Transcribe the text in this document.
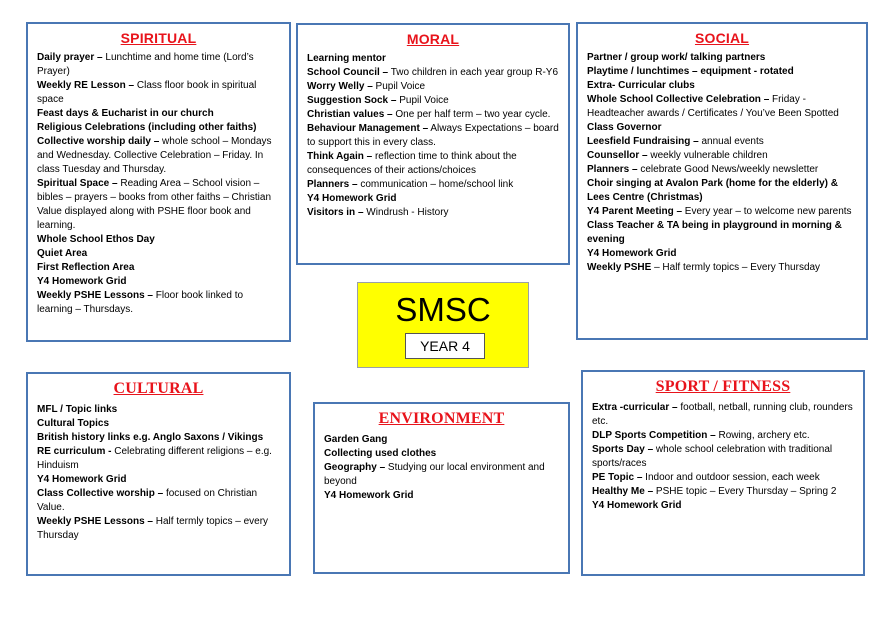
SPIRITUAL

Daily prayer – Lunchtime and home time (Lord’s Prayer)

Weekly RE Lesson – Class floor book in spiritual space

Feast days & Eucharist in our church

Religious Celebrations (including other faiths)

Collective worship daily – whole school – Mondays and Wednesday. Collective Celebration – Friday. In class Tuesday and Thursday.

Spiritual Space – Reading Area – School vision – bibles – prayers – books from other faiths – Christian Value displayed along with PSHE floor book and learning.

Whole School Ethos Day

Quiet Area

First Reflection Area

Y4 Homework Grid

Weekly PSHE Lessons – Floor book linked to learning – Thursdays.

MORAL

Learning mentor

School Council – Two children in each year group R-Y6

Worry Welly – Pupil Voice

Suggestion Sock – Pupil Voice

Christian values – One per half term – two year cycle.

Behaviour Management – Always Expectations – board to support this in every class.

Think Again – reflection time to think about the consequences of their actions/choices

Planners – communication – home/school link

Y4 Homework Grid

Visitors in – Windrush - History

SOCIAL

Partner / group work/ talking partners

Playtime / lunchtimes – equipment - rotated

Extra- Curricular clubs

Whole School Collective Celebration – Friday - Headteacher awards / Certificates / You’ve Been Spotted

Class Governor

Leesfield Fundraising – annual events

Counsellor – weekly vulnerable children

Planners – celebrate Good News/weekly newsletter

Choir singing at Avalon Park (home for the elderly) & Lees Centre (Christmas)

Y4 Parent Meeting – Every year – to welcome new parents

Class Teacher & TA being in playground in morning & evening

Y4 Homework Grid

Weekly PSHE – Half termly topics – Every Thursday

SMSC
YEAR 4
CULTURAL

MFL / Topic links

Cultural Topics

British history links e.g. Anglo Saxons / Vikings

RE curriculum - Celebrating different religions – e.g. Hinduism

Y4 Homework Grid

Class Collective worship – focused on Christian Value.

Weekly PSHE Lessons – Half termly topics – every Thursday

ENVIRONMENT

Garden Gang

Collecting used clothes

Geography – Studying our local environment and beyond

Y4 Homework Grid

SPORT / FITNESS

Extra -curricular – football, netball, running club, rounders etc.

DLP Sports Competition – Rowing, archery etc.

Sports Day – whole school celebration with traditional sports/races

PE Topic – Indoor and outdoor session, each week

Healthy Me – PSHE topic – Every Thursday – Spring 2

Y4 Homework Grid
